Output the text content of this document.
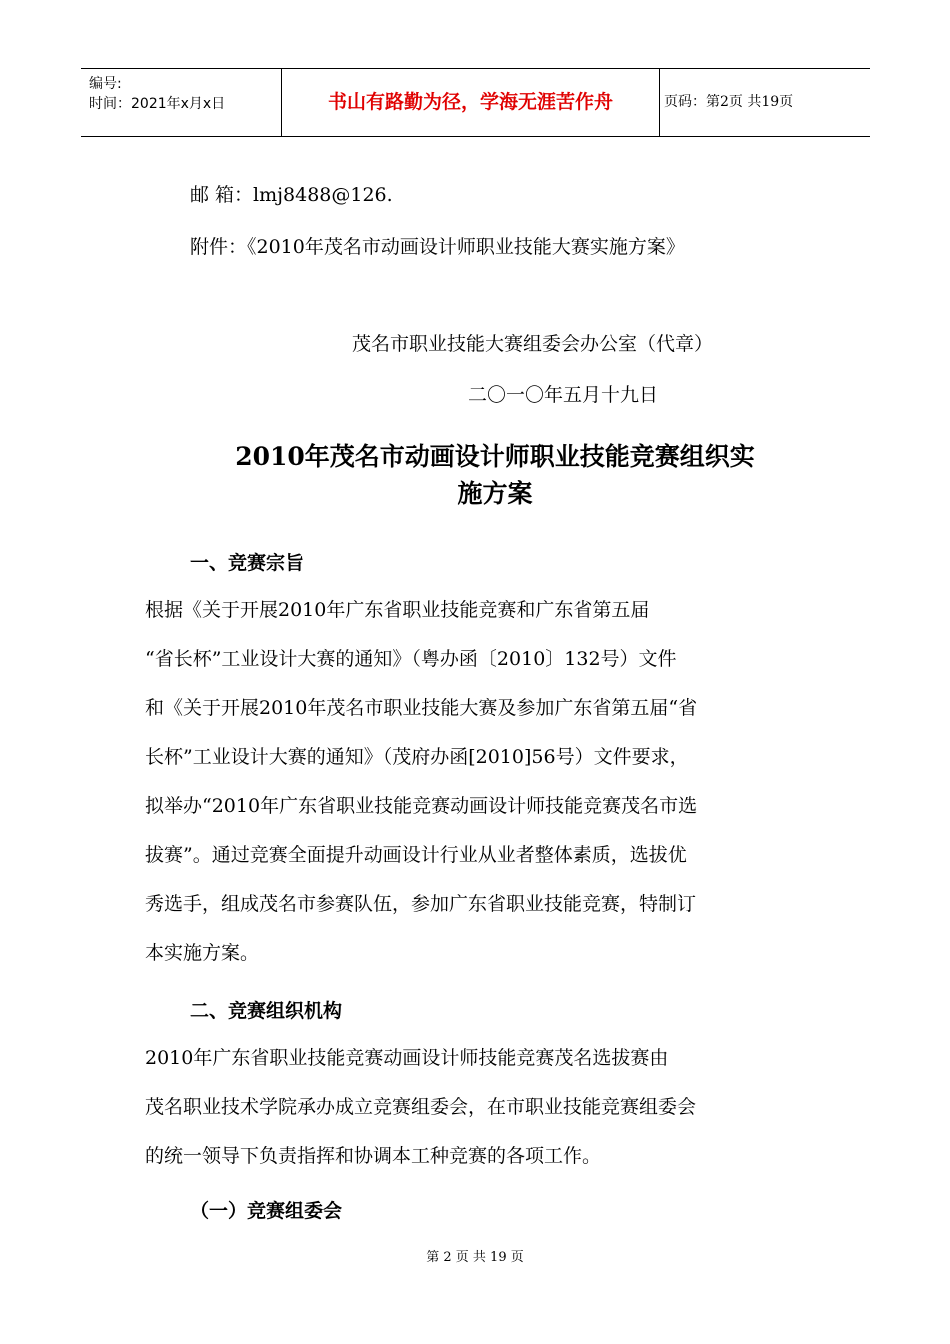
编号:
时间：2021年x月x日	书山有路勤为径，学海无涯苦作舟	页码：第2页 共19页
邮 箱：lmj8488@126.
附件：《2010年茂名市动画设计师职业技能大赛实施方案》
茂名市职业技能大赛组委会办公室（代章）
二〇一〇年五月十九日
2010年茂名市动画设计师职业技能竞赛组织实
施方案
一、竞赛宗旨
根据《关于开展2010年广东省职业技能竞赛和广东省第五届
“省长杯”工业设计大赛的通知》（粤办函〔2010〕132号）文件
和《关于开展2010年茂名市职业技能大赛及参加广东省第五届“省
长杯”工业设计大赛的通知》（茂府办函[2010]56号）文件要求，
拟举办“2010年广东省职业技能竞赛动画设计师技能竞赛茂名市选
拔赛”。通过竞赛全面提升动画设计行业从业者整体素质，选拔优
秀选手，组成茂名市参赛队伍，参加广东省职业技能竞赛，特制订
本实施方案。
二、竞赛组织机构
2010年广东省职业技能竞赛动画设计师技能竞赛茂名选拔赛由
茂名职业技术学院承办成立竞赛组委会，在市职业技能竞赛组委会
的统一领导下负责指挥和协调本工种竞赛的各项工作。
（一）竞赛组委会
第 2 页 共 19 页
